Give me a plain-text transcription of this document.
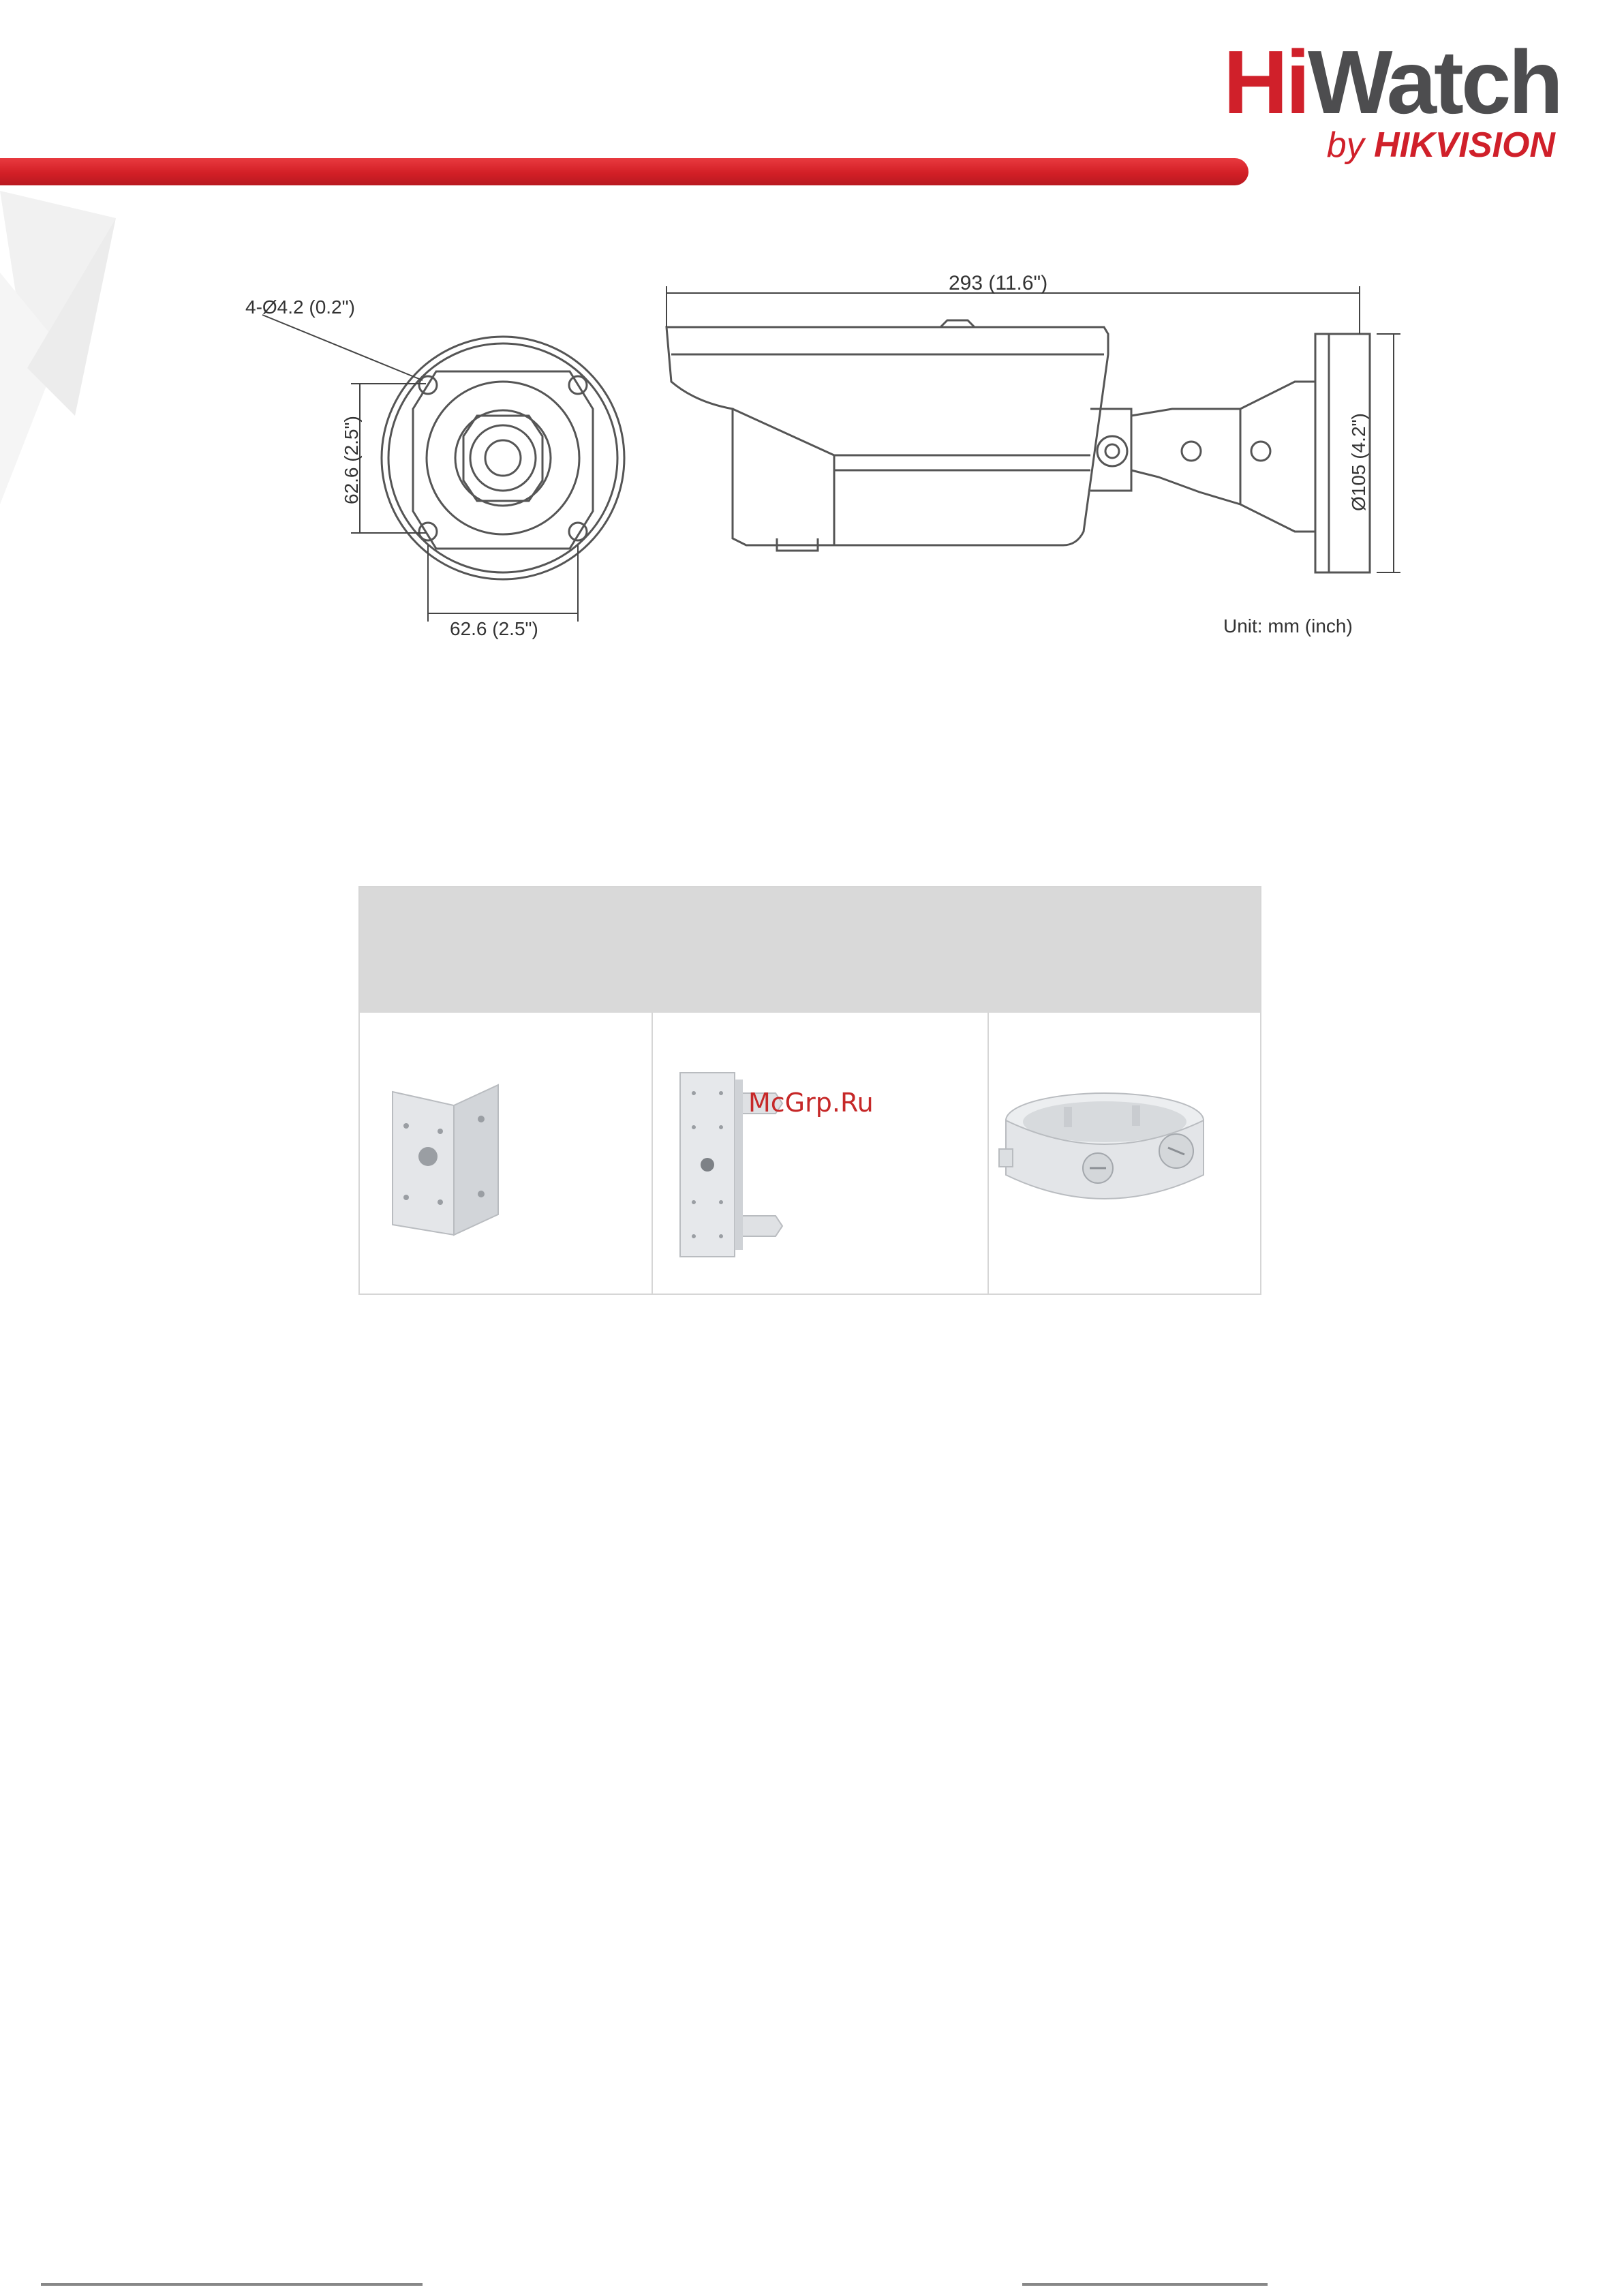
HiWatch
by HIKVISION
4-Ø4.2 (0.2")
62.6 (2.5")
62.6 (2.5")
293 (11.6")
Ø105 (4.2")
Unit: mm (inch)
McGrp.Ru
